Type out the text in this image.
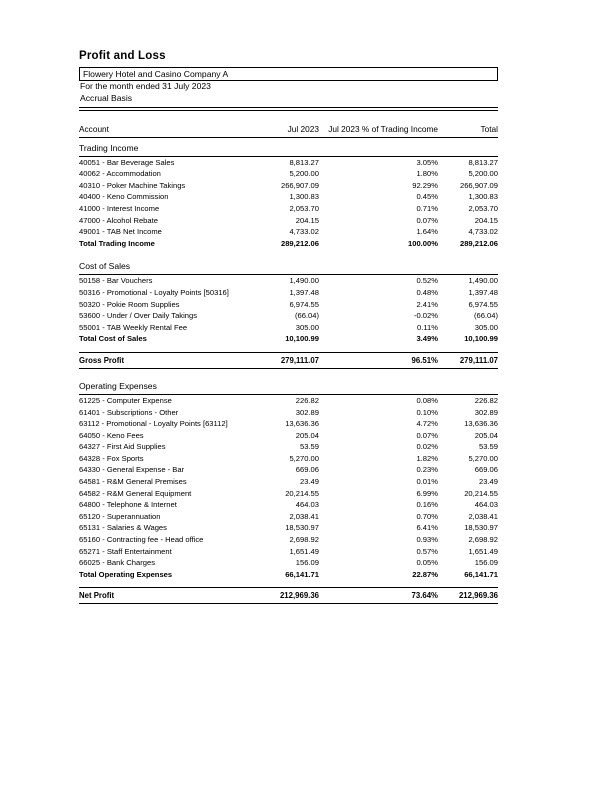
Profit and Loss
Flowery Hotel and Casino Company A
For the month ended 31 July 2023
Accrual Basis

Account	Jul 2023	Jul 2023 % of Trading Income	Total
Trading Income			
40051 - Bar Beverage Sales	8,813.27	3.05%	8,813.27
40062 - Accommodation	5,200.00	1.80%	5,200.00
40310 - Poker Machine Takings	266,907.09	92.29%	266,907.09
40400 - Keno Commission	1,300.83	0.45%	1,300.83
41000 - Interest Income	2,053.70	0.71%	2,053.70
47000 - Alcohol Rebate	204.15	0.07%	204.15
49001 - TAB Net Income	4,733.02	1.64%	4,733.02
Total Trading Income	289,212.06	100.00%	289,212.06

Cost of Sales			
50158 - Bar Vouchers	1,490.00	0.52%	1,490.00
50316 - Promotional - Loyalty Points [50316]	1,397.48	0.48%	1,397.48
50320 - Pokie Room Supplies	6,974.55	2.41%	6,974.55
53600 - Under / Over Daily Takings	(66.04)	-0.02%	(66.04)
55001 - TAB Weekly Rental Fee	305.00	0.11%	305.00
Total Cost of Sales	10,100.99	3.49%	10,100.99

Gross Profit	279,111.07	96.51%	279,111.07

Operating Expenses			
61225 - Computer Expense	226.82	0.08%	226.82
61401 - Subscriptions - Other	302.89	0.10%	302.89
63112 - Promotional - Loyalty Points [63112]	13,636.36	4.72%	13,636.36
64050 - Keno Fees	205.04	0.07%	205.04
64327 - First Aid Supplies	53.59	0.02%	53.59
64328 - Fox Sports	5,270.00	1.82%	5,270.00
64330 - General Expense - Bar	669.06	0.23%	669.06
64581 - R&M General Premises	23.49	0.01%	23.49
64582 - R&M General Equipment	20,214.55	6.99%	20,214.55
64800 - Telephone & Internet	464.03	0.16%	464.03
65120 - Superannuation	2,038.41	0.70%	2,038.41
65131 - Salaries & Wages	18,530.97	6.41%	18,530.97
65160 - Contracting fee - Head office	2,698.92	0.93%	2,698.92
65271 - Staff Entertainment	1,651.49	0.57%	1,651.49
66025 - Bank Charges	156.09	0.05%	156.09
Total Operating Expenses	66,141.71	22.87%	66,141.71

Net Profit	212,969.36	73.64%	212,969.36
